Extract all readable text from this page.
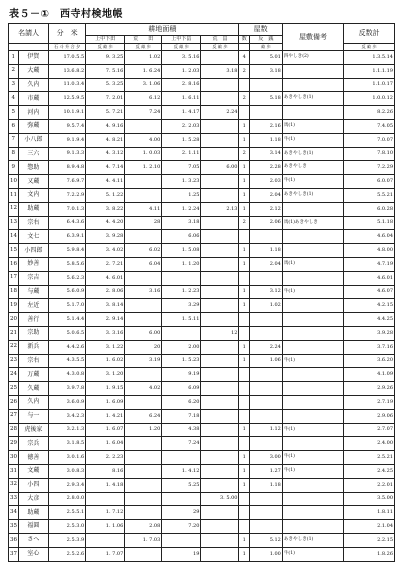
表５－①　西寺村検地帳
名請人		分　米	耕地面積				屋数		屋敷備考	反数計
			上中下田	荒　　田	上中下畠	荒　畠	数	反　銭		
		石 斗 升 合 夕	反 畝 歩	反 畝 歩	反 畝 歩	反 畝 歩		畝 歩		反 畝 歩
1	伊賀	17.0.5.5	9. 3.25	1.02	3. 5.16		4	5.01	四やしき(2)	1.3.5.14
2	大蔵	13.6.8.2	7. 5.16	1. 6.24	1. 2.03	3.18	2	3.18		1.1.1.19
3	久内	11.0.3.4	5. 3.25	3. 1.06	2. 8.16					1.1.0.17
4	市蔵	12.5.9.5	7. 2.01	6.12	1. 6.11		2	5.18	あきやしき(1)	1.0.0.12
5	河内	10.1.9.1	5. 7.21	7.24	1. 4.17	2.24				8.2.26
6	弥蔵	9.5.7.4	4. 9.16		2. 2.03		1	2.16	馬(1)	7.4.05
7	小八郎	9.1.9.4	4. 8.21	4.00	1. 5.28		1	1.18	牛(1)	7.0.07
8	三六	9.1.3.3	4. 3.12	1. 0.03	2. 1.11		2	3.14	あきやしき(1)	7.8.10
9	惣助	8.9.4.8	4. 7.14	1. 2.10	7.05	6.00	1	2.28	あきやしき	7.2.29
10	又蔵	7.6.9.7	4. 4.11		1. 3.23		1	2.03	牛(1)	6.0.07
11	文内	7.2.2.9	5. 1.22		1.25		1	2.04	あきやしき(1)	5.5.21
12	助蔵	7.0.1.3	3. 8.22	4.11	1. 2.24	2.13	1	2.12		6.0.28
13	宗右	6.4.3.6	4. 4.20	28	3.18		2	2.06	馬(1)あきやしき	5.1.18
14	文七	6.3.9.1	3. 9.28		6.06					4.6.04
15	小四郎	5.9.8.4	3. 4.02	6.02	1. 5.08		1	1.18		4.8.00
16	妙善	5.8.5.6	2. 7.21	6.04	1. 1.20		1	2.04	馬(1)	4.7.19
17	宗吉	5.6.2.3	4. 6.01							4.6.01
18	与蔵	5.6.0.9	2. 8.06	3.16	1. 2.23		1	3.12	牛(1)	4.6.07
19	左近	5.1.7.0	3. 8.14		3.29		1	1.02		4.2.15
20	善行	5.1.4.4	2. 9.14		1. 5.11					4.4.25
21	宗助	5.0.6.5	3. 3.16	6.00		12				3.9.28
22	新兵	4.4.2.6	3. 1.22	20	2.00		1	2.24		3.7.16
23	宗右	4.3.5.5	1. 6.02	3.19	1. 5.23		1	1.06	牛(1)	3.6.20
24	万蔵	4.3.0.8	3. 1.20		9.19					4.1.09
25	久蔵	3.9.7.8	1. 9.15	4.02	6.09					2.9.26
26	久内	3.6.0.9	1. 6.09		6.20					2.7.19
27	与一	3.4.2.3	1. 4.21	6.24	7.18					2.9.06
28	虎後家	3.2.1.3	1. 6.07	1.20	4.38		1	1.12	牛(1)	2.7.07
29	宗兵	3.1.8.5	1. 6.04		7.24					2.4.00
30	徳善	3.0.1.6	2. 2.23				1	3.00	牛(1)	2.5.21
31	文蔵	3.0.8.3	8.16		1. 4.12		1	1.27	牛(1)	2.4.25
32	小四	2.9.3.4	1. 4.18		5.25		1	1.18		2.2.01
33	大彦	2.8.0.0				3. 5.00				3.5.00
34	助蔵	2.5.5.1	1. 7.12		29					1.8.11
35	福圓	2.5.3.0	1. 1.06	2.08	7.20					2.1.04
36	さへ	2.5.3.9		1. 7.03			1	5.12	あきやしき(1)	2.2.15
37	室心	2.5.2.6	1. 7.07		19		1	1.00	牛(1)	1.8.26
